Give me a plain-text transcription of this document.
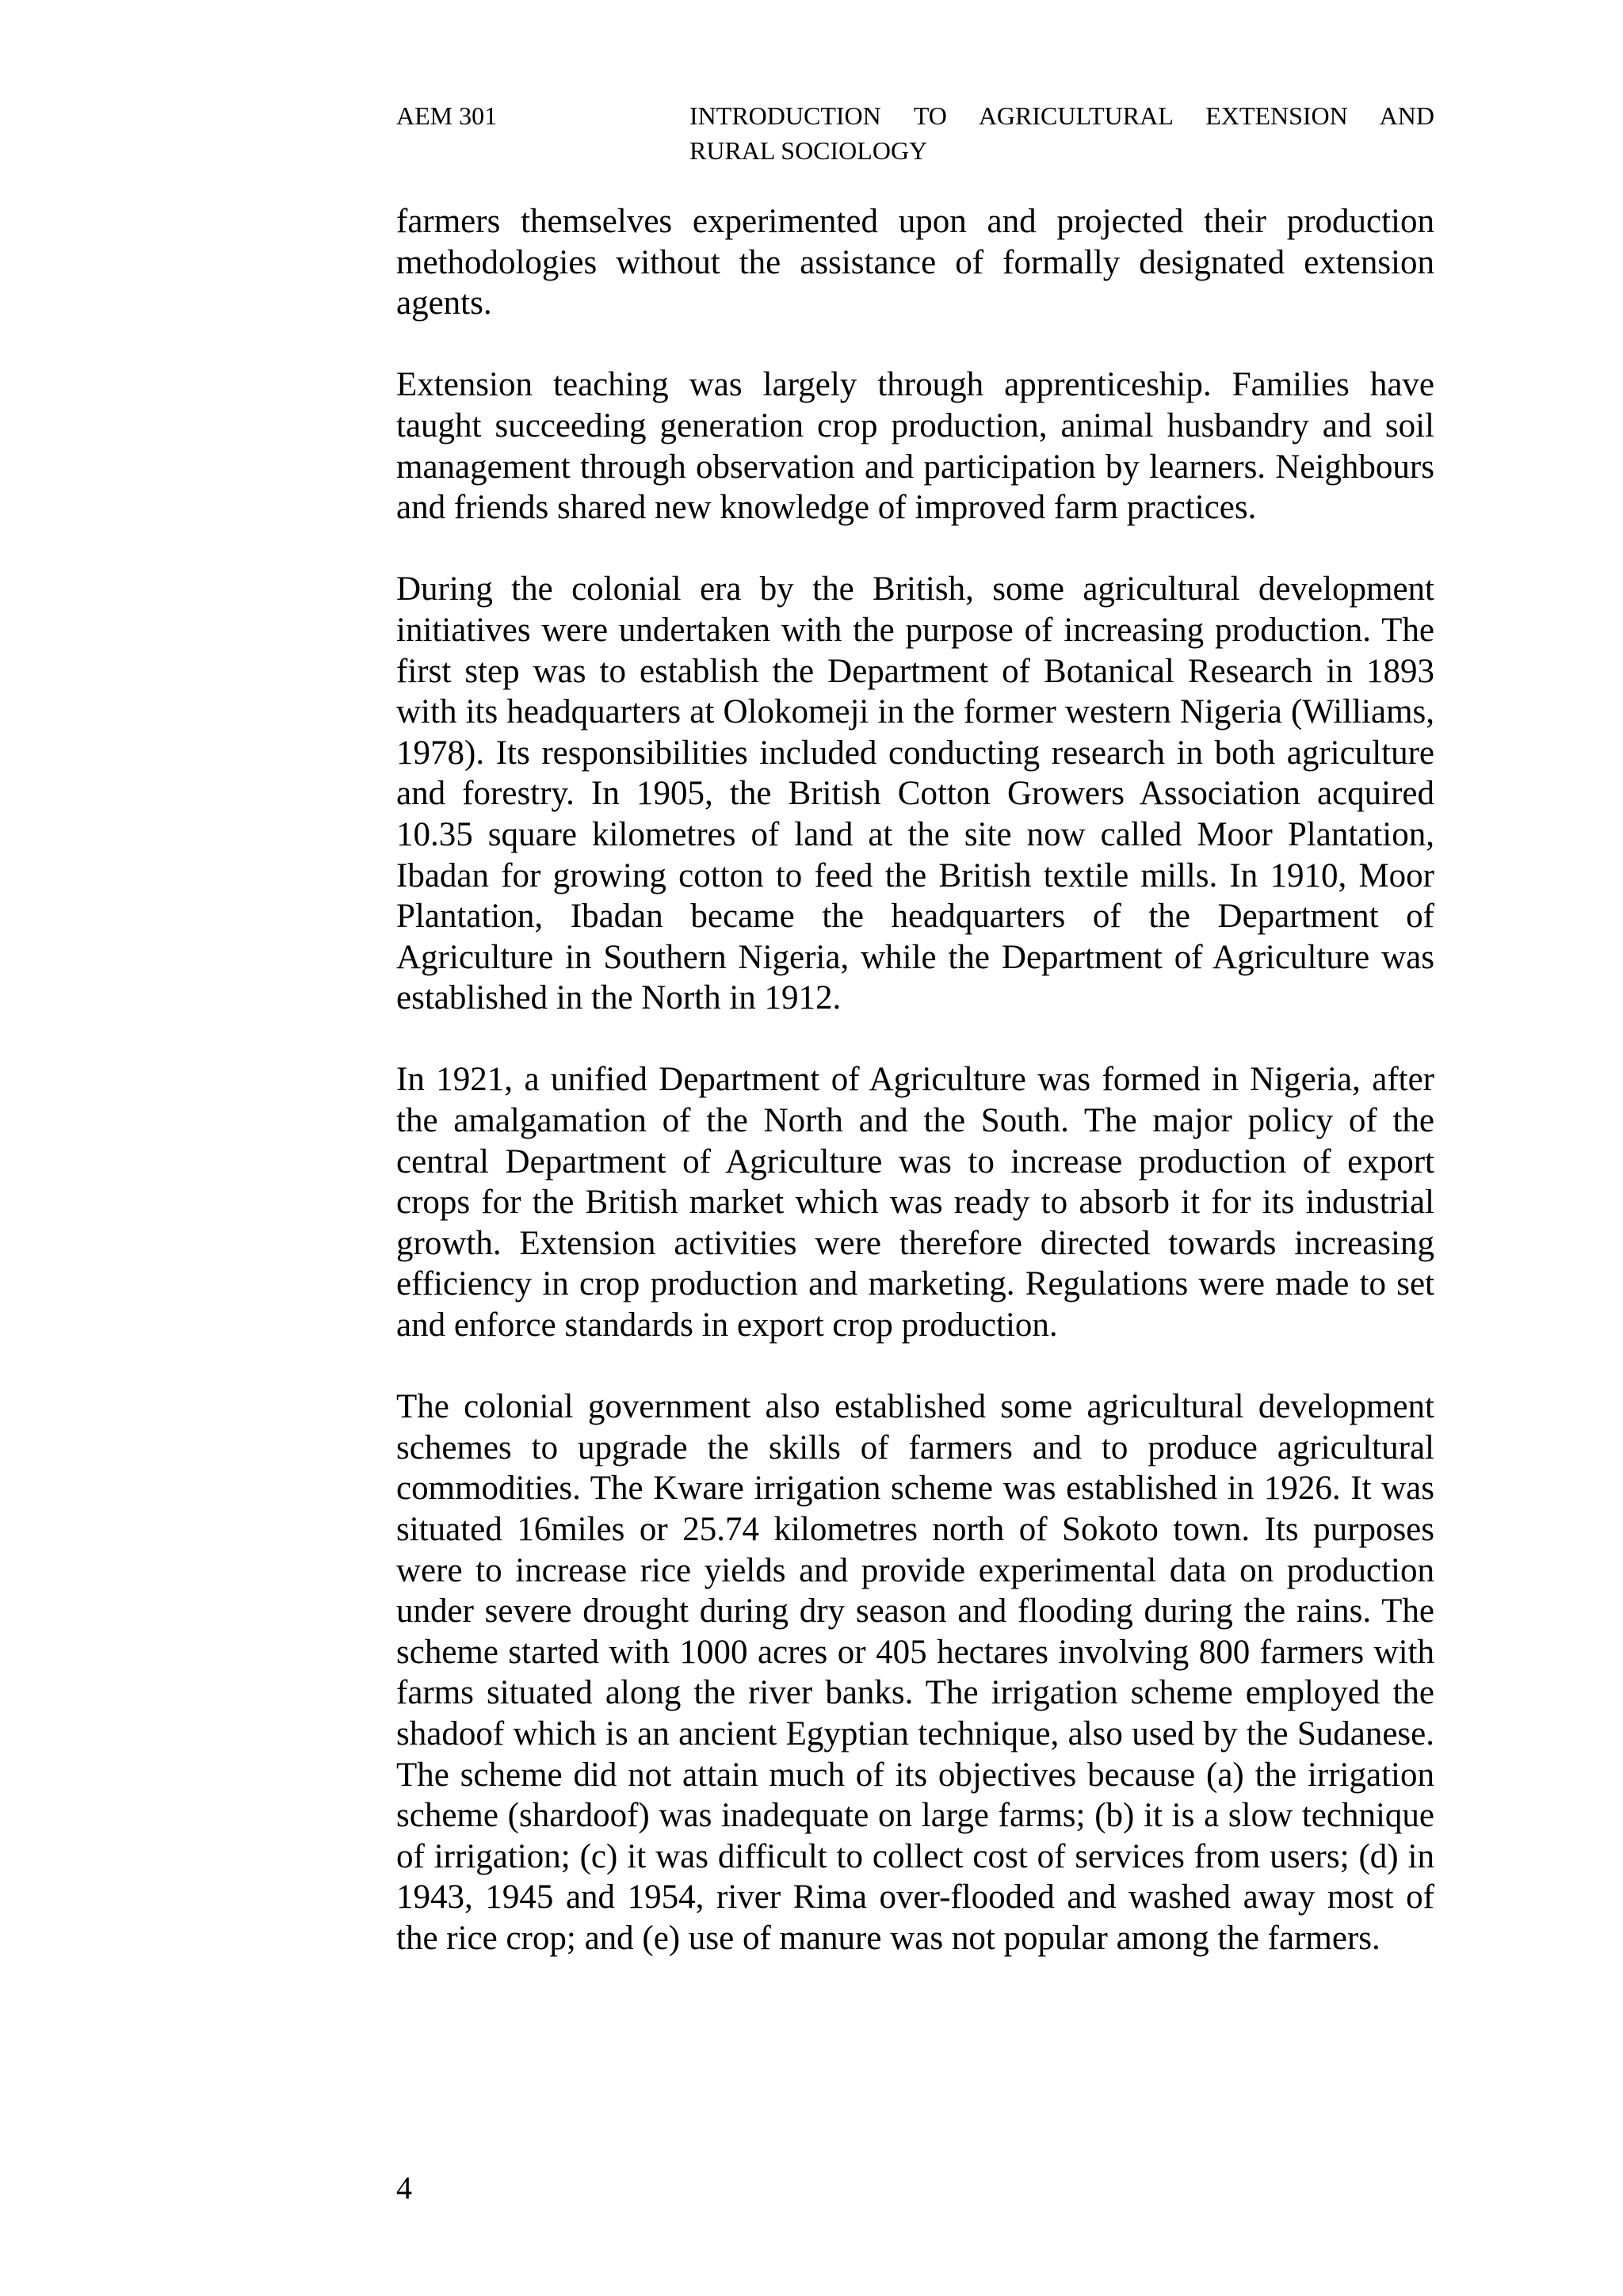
AEM 301	INTRODUCTION TO AGRICULTURAL EXTENSION AND
RURAL SOCIOLOGY

farmers themselves experimented upon and projected their production methodologies without the assistance of formally designated extension agents.

Extension teaching was largely through apprenticeship. Families have taught succeeding generation crop production, animal husbandry and soil management through observation and participation by learners. Neighbours and friends shared new knowledge of improved farm practices.

During the colonial era by the British, some agricultural development initiatives were undertaken with the purpose of increasing production. The first step was to establish the Department of Botanical Research in 1893 with its headquarters at Olokomeji in the former western Nigeria (Williams, 1978). Its responsibilities included conducting research in both agriculture and forestry. In 1905, the British Cotton Growers Association acquired 10.35 square kilometres of land at the site now called Moor Plantation, Ibadan for growing cotton to feed the British textile mills. In 1910, Moor Plantation, Ibadan became the headquarters of the Department of Agriculture in Southern Nigeria, while the Department of Agriculture was established in the North in 1912.

In 1921, a unified Department of Agriculture was formed in Nigeria, after the amalgamation of the North and the South. The major policy of the central Department of Agriculture was to increase production of export crops for the British market which was ready to absorb it for its industrial growth. Extension activities were therefore directed towards increasing efficiency in crop production and marketing. Regulations were made to set and enforce standards in export crop production.

The colonial government also established some agricultural development schemes to upgrade the skills of farmers and to produce agricultural commodities. The Kware irrigation scheme was established in 1926. It was situated 16miles or 25.74 kilometres north of Sokoto town. Its purposes were to increase rice yields and provide experimental data on production under severe drought during dry season and flooding during the rains. The scheme started with 1000 acres or 405 hectares involving 800 farmers with farms situated along the river banks. The irrigation scheme employed the shadoof which is an ancient Egyptian technique, also used by the Sudanese. The scheme did not attain much of its objectives because (a) the irrigation scheme (shardoof) was inadequate on large farms; (b) it is a slow technique of irrigation; (c) it was difficult to collect cost of services from users; (d) in 1943, 1945 and 1954, river Rima over-flooded and washed away most of the rice crop; and (e) use of manure was not popular among the farmers.

4
